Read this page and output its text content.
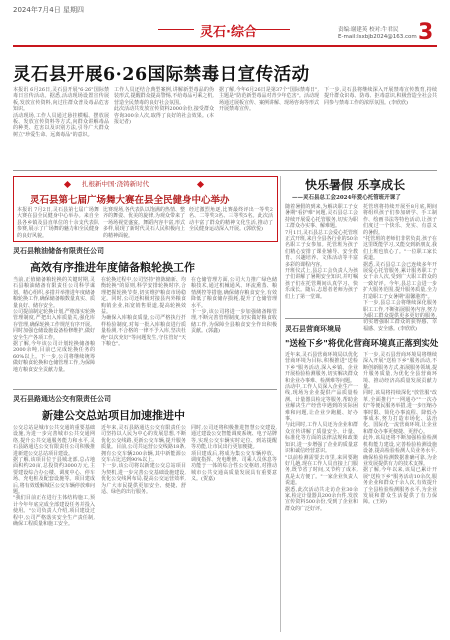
2024年7月4日 星期四
灵石·综合	责编:谢建英 校对:牛君民
E-mail:lsxbjb2024@163.com 3
灵石县开展6·26国际禁毒日宣传活动

本报讯 6月26日,灵石县开展"6·26"国际禁毒日宣传活动。据悉,活动现场设置宣传展板,发放宣传资料,向过往群众普及毒品危害知识。

活动现场,工作人员通过悬挂横幅、摆放展板、发放宣传资料等方式,向群众讲解毒品的种类、危害以及识别方法,引导广大群众树立"珍爱生命、远离毒品"的意识。

工作人员还结合典型案例,讲解新型毒品的伪装形式,提醒群众提高警惕,不给毒品可乘之机,营造全民禁毒的良好社会氛围。

此次活动共发放宣传资料2000余份,接受群众咨询300余人次,取得了良好的社会效果。(本报记者)

据了解,今年6月26日是第37个"国际禁毒日",主题是"防范新型毒品对青少年危害"。活动现场通过展板宣传、案例讲解、现场咨询等形式开展禁毒宣传。

下一步,灵石县将继续深入开展禁毒宣传教育,持续提升群众识毒、防毒、拒毒意识,积极营造全社会共同参与禁毒工作的浓厚氛围。(李欣欣)

扎根新中国·浇铸新时代
灵石县第七届广场舞大赛在县全民健身中心举办

本报讯 7月2日,灵石县第七届广场舞大赛在县全民健身中心举办。来自全县各乡镇及县直单位的十余支代表队参赛,展示了广场舞的魅力和全民健身的良好风貌。

比赛现场,各代表队以饱满的热情、整齐的舞姿、优美的旋律,为观众带来了一场场视觉盛宴。舞蹈内容丰富,形式多样,展现了新时代灵石人民积极向上的精神面貌。

经过激烈角逐,比赛最终评出一等奖2名、二等奖3名、三等奖5名。此次活动丰富了群众的精神文化生活,推动了全民健身运动深入开展。(郭欣悦)

灵石县粮油储备有限责任公司
高效有序推进年度储备粮轮换工作

当前,正值储备粮轮换的关键时期,灵石县粮油储备有限责任公司科学谋划、精心组织,多措并举推进年度储备粮轮换工作,确保储备粮数量真实、质量良好、储存安全。

公司提前制定轮换计划,严格落实轮换管理制度,严把出入库质量关,强化库存管理,确保轮换工作规范有序开展。同时加强仓储设施设备检修维护,做好安全生产各项工作。

据了解,今年该公司计划轮换储备粮2000余吨,目前已完成轮换任务的60%以上。下一步,公司将继续统筹做好粮食轮换和仓储管理工作,为保障地方粮食安全贡献力量。

在轮换过程中,公司坚持"推陈储新、均衡轮换"的原则,科学安排轮换时序,合理把握轮换节奏,切实维护粮食市场稳定。同时,公司还积极对接县内外粮食购销企业,拓宽销售渠道,提高轮换效益。

为确保入库粮食质量,公司严格执行扦样检验制度,对每一批入库粮食进行质量检测,不合格的一律不予入库,坚决杜绝"以次充好"等问题发生,守住管好"天下粮仓"。

在仓储管理方面,公司大力推广绿色储粮技术,通过机械通风、环流熏蒸、粮情测控等措施,确保储存粮食安全,有效降低了粮食储存损耗,提升了仓储管理水平。

下一步,该公司将进一步加强储备粮管理,不断完善管理制度,切实做好粮食收储工作,为保障全县粮食安全作出积极贡献。(郭鑫)

灵石县路通达公交有限责任公司
新建公交总站项目加速推进中

公交总站是城市公共交通的重要基础设施,为进一步完善城市公共交通网络,提升公共交通服务能力和水平,灵石县路通达公交有限责任公司积极推进新建公交总站项目建设。

据了解,该项目位于县城北部,总占地面积约20亩,总投资约3000万元,主要建设综合办公楼、调度中心、停车场、充电桩及配套设施等。项目建成后,将有效缓解城区公交车辆停放难问题。

"我们目前正在进行主体结构施工,预计今年年底完成全部建设任务并投入使用。"公司负责人介绍,项目建设过程中,公司严格落实安全生产责任制,确保工程质量和施工安全。

近年来,灵石县路通达公交有限责任公司坚持以人民为中心的发展思想,不断优化公交线路,更新公交车辆,提升服务质量。目前,公司共运营公交线路18条,拥有公交车辆200余辆,其中新能源公交车占比达到90%以上。

下一步,该公司将以新建公交总站项目为契机,进一步完善公交基础设施建设,优化公交线网布局,提高公交运营效率,为广大市民提供更加安全、便捷、舒适、绿色的出行服务。

同时,公司还将积极推进智慧公交建设,通过建设公交智能调度系统、电子站牌等,实现公交车辆实时定位、到站提醒等功能,让市民出行更加便捷。

项目建成后,将成为集公交车辆停放、调度指挥、充电维修、司乘人员休息等功能于一体的综合性公交枢纽,对推动城市公共交通高质量发展具有重要意义。(贺嘉)

快乐暑假 乐享成长
——灵石县总工会2024年爱心托管班开课了

随着暑假的到来,为解决职工子女暑期"看护难"问题,灵石县总工会持续开展爱心托管服务,切实为职工群众办实事、解难题。

7月1日,灵石县总工会爱心托管班正式开班,来自全县各行业的50余名职工子女参加。托管班为孩子们精心安排了课业辅导、安全教育、兴趣培养、文体活动等丰富多彩的课程内容。

开班仪式上,县总工会负责人为孩子们讲解了暑期安全知识,并叮嘱孩子们在托管期间认真学习、快乐成长。随后,志愿者老师为孩子们上了第一堂课。

托管班将持续开展至8月底,期间将组织孩子们参加研学、手工制作、绘画书法等特色活动,让孩子们度过一个快乐、充实、有意义的暑假。

"托管班的老师们非常负责,孩子在这里既能学习,又能交到新朋友,我们上班也放心了。"一位职工家长说道。

据悉,灵石县总工会已连续多年开展爱心托管服务,累计服务职工子女千余人次,受到广大职工群众的一致好评。今年,县总工会进一步扩大服务范围,提升服务质量,全力打造职工子女暑期"温馨港湾"。

下一步,县总工会将继续深化服务职工工作,不断拓展服务内容,努力为职工群众提供更多更好的服务,切实增强职工群众的获得感、幸福感、安全感。(李欣欣)

灵石县营商环境局
"送检下乡"将优化营商环境真正落到实处

近年来,灵石县营商环境局以优化营商环境为目标,积极推进"送检下乡"服务活动,深入乡镇、企业开展检验检测服务,切实解决群众和企业办事难、检测难等问题。

活动中,工作人员深入企业生产一线,现场为企业提供产品质量检测、计量器具检定等服务,帮助企业解决生产经营中遇到的实际困难和问题,让企业少跑腿、好办事。

与此同时,工作人员还为企业和群众宣传讲解了质量安全、计量、标准化等方面的法律法规和政策知识,进一步增强了企业的质量意识和诚信经营意识。

"以前检测需要去市里,来回要跑好几趟,现在工作人员直接上门服务,既节省了时间,又节约了成本,真是太方便了。"一家企业负责人说道。

据悉,此次活动共走访企业30余家,检定计量器具200余台件,发放宣传资料500余份,受到了企业和群众的广泛好评。

下一步,灵石县营商环境局将继续深入开展"送检下乡"服务活动,不断创新服务方式,拓展服务领域,提升服务质量,为优化全县营商环境、推动经济高质量发展贡献力量。

同时,该局将持续深化"放管服"改革,全面推行"一网通办""一次办好"等便民服务举措,进一步压缩办事时限、简化办事流程、降低办事成本,努力打造市场化、法治化、国际化一流营商环境,让企业和群众办事更便捷、更舒心。

此外,该局还将不断加强检验检测机构能力建设,完善检验检测设施设备,提高检验检测人员业务水平,确保检验检测数据准确可靠,为企业发展提供有力的技术支撑。

据了解,今年以来,该局已累计开展"送检下乡"服务活动10余次,服务企业和群众千余人次,有效提升了全县检验检测服务水平,为企业发展和群众生活提供了有力保障。(王婷)
